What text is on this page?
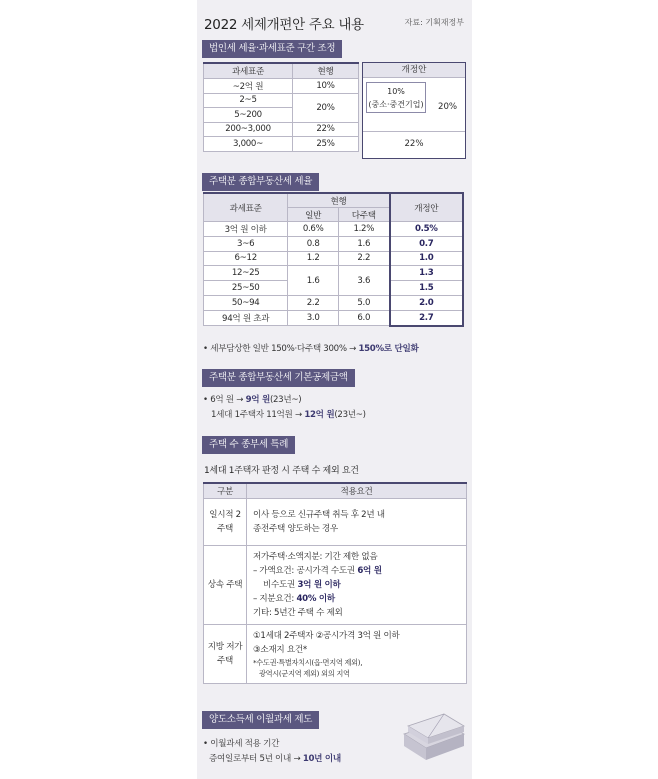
2022 세제개편안 주요 내용	자료: 기획재정부
법인세 세율·과세표준 구간 조정
과세표준	현행
~2억 원	10%
2~5	20%
5~200	
200~3,000	22%
3,000~	25%
개정안
10%
(중소·중견기업) 20%
22%
주택분 종합부동산세 세율
과세표준	현행		개정안
	일반	다주택	
3억 원 이하	0.6%	1.2%	0.5%
3~6	0.8	1.6	0.7
6~12	1.2	2.2	1.0
12~25	1.6	3.6	1.3
25~50			1.5
50~94	2.2	5.0	2.0
94억 원 초과	3.0	6.0	2.7
• 세부담상한 일반 150%·다주택 300% → 150%로 단일화
주택분 종합부동산세 기본공제금액
• 6억 원 → 9억 원(23년~)
1세대 1주택자 11억원 → 12억 원(23년~)
주택 수 종부세 특례
1세대 1주택자 판정 시 주택 수 제외 요건
구분	적용요건
일시적 2주택	이사 등으로 신규주택 취득 후 2년 내
종전주택 양도하는 경우

상속 주택	저가주택·소액지분: 기간 제한 없음
– 가액요건: 공시가격 수도권 6억 원
비수도권 3억 원 이하
– 지분요건: 40% 이하
기타: 5년간 주택 수 제외

지방 저가주택	①1세대 2주택자 ②공시가격 3억 원 이하
③소재지 요건*
*수도권·특별자치시(읍·면지역 제외),
광역시(군지역 제외) 외의 지역
양도소득세 이월과세 제도
• 이월과세 적용 기간
증여일로부터 5년 이내 → 10년 이내
